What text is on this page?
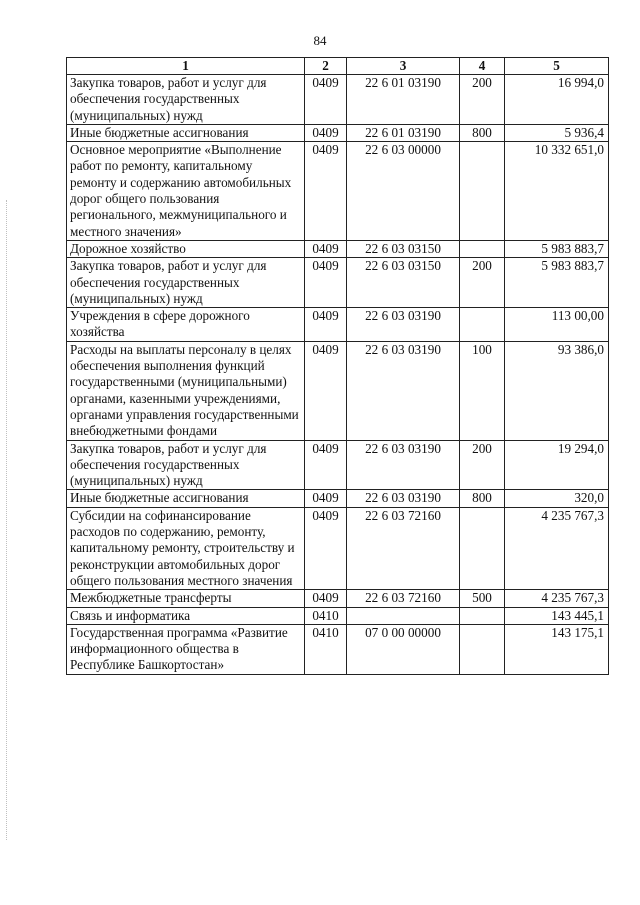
84
1	2	3	4	5
Закупка товаров, работ и услуг для обеспечения государственных (муниципальных) нужд	0409	22 6 01 03190	200	16 994,0
Иные бюджетные ассигнования	0409	22 6 01 03190	800	5 936,4
Основное мероприятие «Выполнение работ по ремонту, капитальному ремонту и содержанию автомобильных дорог общего пользования регионального, межмуниципального и местного значения»	0409	22 6 03 00000		10 332 651,0
Дорожное хозяйство	0409	22 6 03 03150		5 983 883,7
Закупка товаров, работ и услуг для обеспечения государственных (муниципальных) нужд	0409	22 6 03 03150	200	5 983 883,7
Учреждения в сфере дорожного хозяйства	0409	22 6 03 03190		113 00,00
Расходы на выплаты персоналу в целях обеспечения выполнения функций государственными (муниципальными) органами, казенными учреждениями, органами управления государственными внебюджетными фондами	0409	22 6 03 03190	100	93 386,0
Закупка товаров, работ и услуг для обеспечения государственных (муниципальных) нужд	0409	22 6 03 03190	200	19 294,0
Иные бюджетные ассигнования	0409	22 6 03 03190	800	320,0
Субсидии на софинансирование расходов по содержанию, ремонту, капитальному ремонту, строительству и реконструкции автомобильных дорог общего пользования местного значения	0409	22 6 03 72160		4 235 767,3
Межбюджетные трансферты	0409	22 6 03 72160	500	4 235 767,3
Связь и информатика	0410			143 445,1
Государственная программа «Развитие информационного общества в Республике Башкортостан»	0410	07 0 00 00000		143 175,1
